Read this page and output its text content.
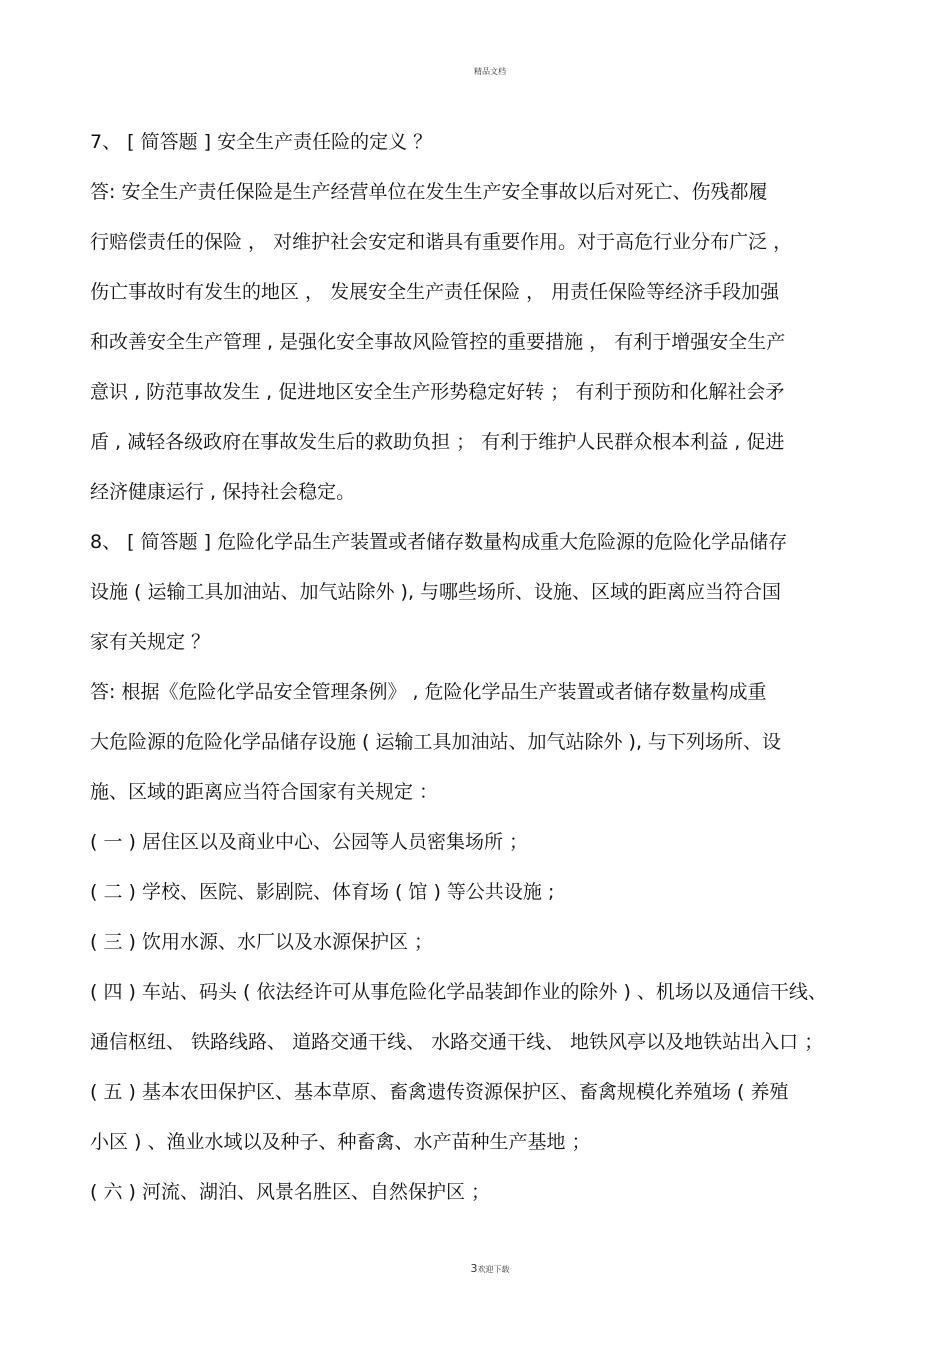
精品文档
7、 [ 简答题 ] 安全生产责任险的定义 ？
答: 安全生产责任保险是生产经营单位在发生生产安全事故以后对死亡、伤残都履
行赔偿责任的保险 ， 对维护社会安定和谐具有重要作用。对于高危行业分布广泛 ，
伤亡事故时有发生的地区 ， 发展安全生产责任保险 ， 用责任保险等经济手段加强
和改善安全生产管理 , 是强化安全事故风险管控的重要措施 ， 有利于增强安全生产
意识 , 防范事故发生 , 促进地区安全生产形势稳定好转 ； 有利于预防和化解社会矛
盾 , 减轻各级政府在事故发生后的救助负担 ； 有利于维护人民群众根本利益 , 促进
经济健康运行 , 保持社会稳定。
8、 [ 简答题 ] 危险化学品生产装置或者储存数量构成重大危险源的危险化学品储存
设施 ( 运输工具加油站、加气站除外 ), 与哪些场所、设施、区域的距离应当符合国
家有关规定 ？
答: 根据《危险化学品安全管理条例》 , 危险化学品生产装置或者储存数量构成重
大危险源的危险化学品储存设施 ( 运输工具加油站、加气站除外 ), 与下列场所、设
施、区域的距离应当符合国家有关规定 ：
( 一 ) 居住区以及商业中心、公园等人员密集场所 ；
( 二 ) 学校、医院、影剧院、体育场 ( 馆 ) 等公共设施 ;
( 三 ) 饮用水源、水厂以及水源保护区 ；
( 四 ) 车站、码头 ( 依法经许可从事危险化学品装卸作业的除外 ) 、机场以及通信干线、
通信枢纽、 铁路线路、 道路交通干线、 水路交通干线、 地铁风亭以及地铁站出入口 ；
( 五 ) 基本农田保护区、基本草原、畜禽遗传资源保护区、畜禽规模化养殖场 ( 养殖
小区 ) 、渔业水域以及种子、种畜禽、水产苗种生产基地 ；
( 六 ) 河流、湖泊、风景名胜区、自然保护区 ；
3欢迎下载
